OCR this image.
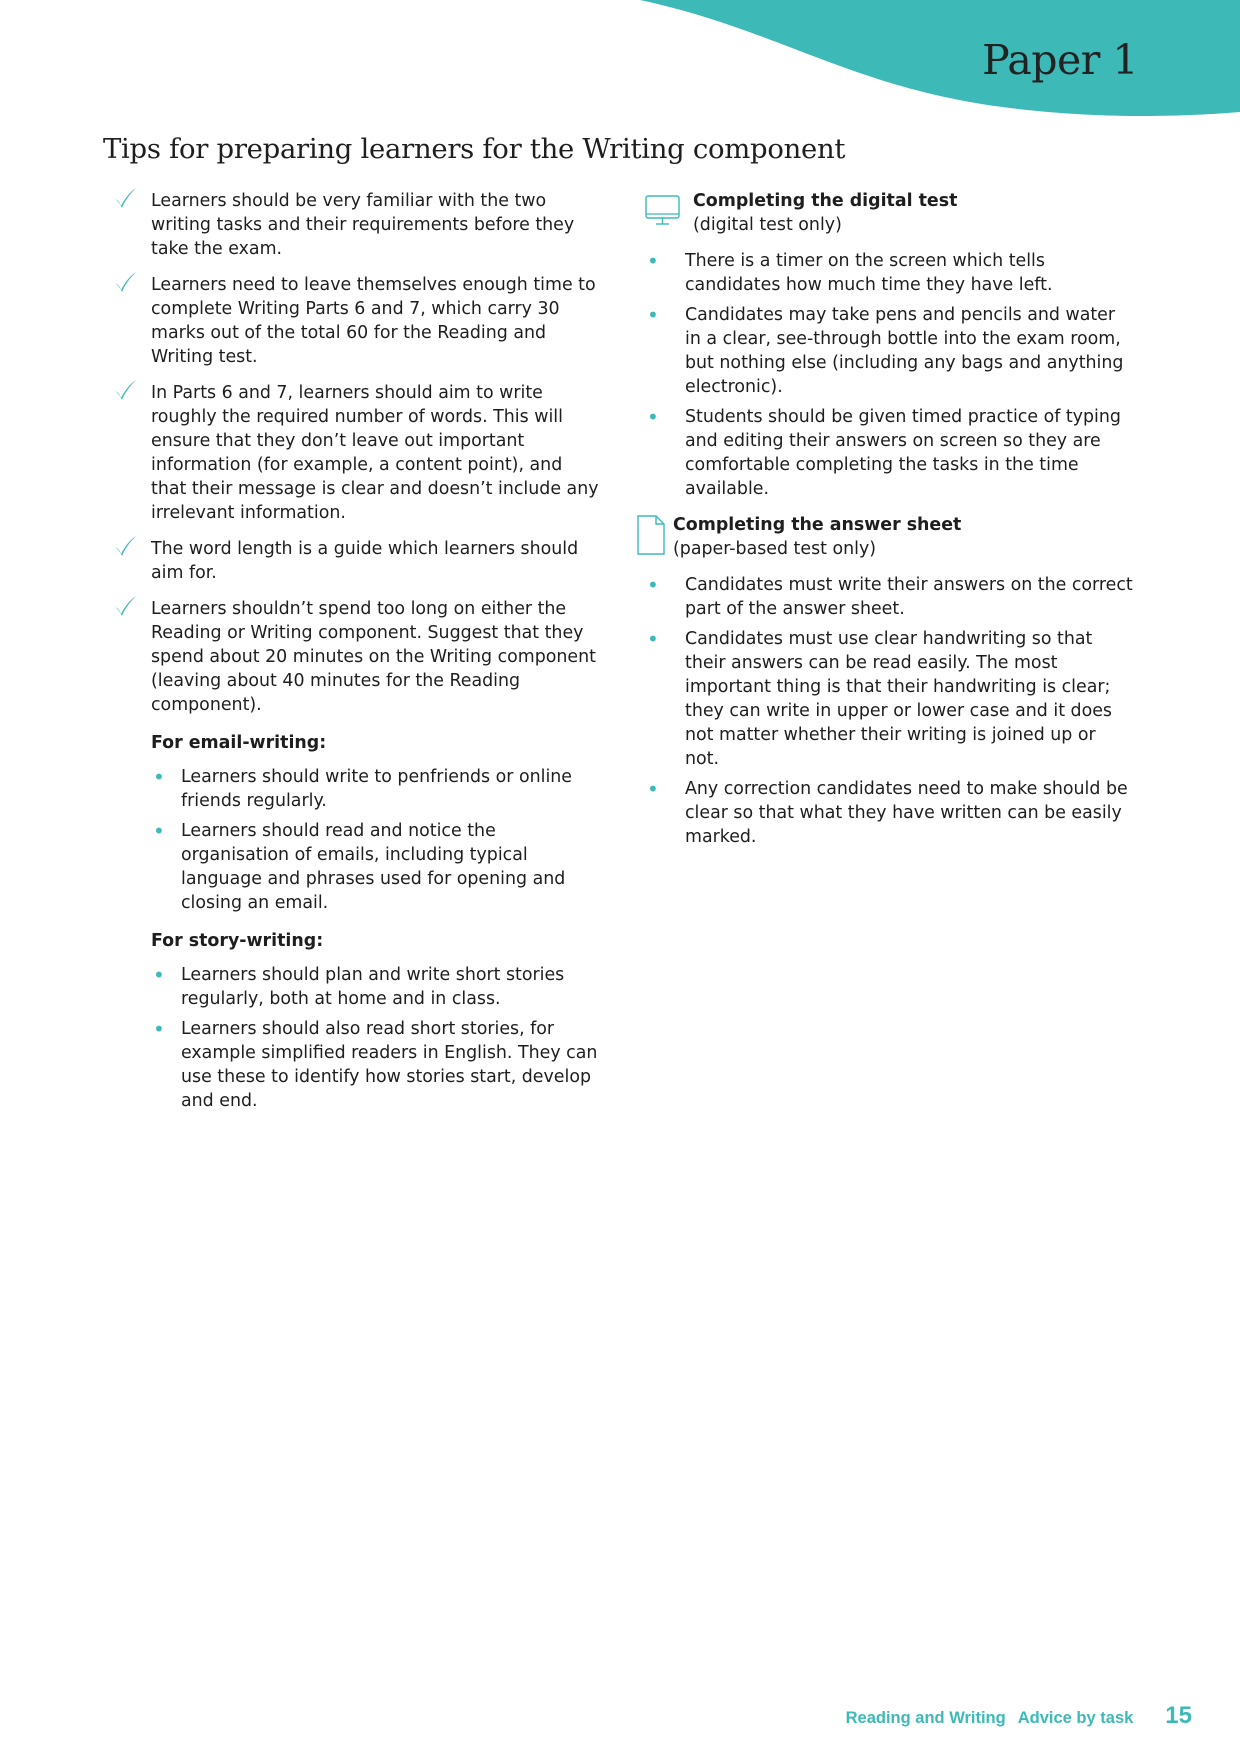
Paper 1
Tips for preparing learners for the Writing component
Learners should be very familiar with the two writing tasks and their requirements before they take the exam.
Learners need to leave themselves enough time to complete Writing Parts 6 and 7, which carry 30 marks out of the total 60 for the Reading and Writing test.
In Parts 6 and 7, learners should aim to write roughly the required number of words. This will ensure that they don’t leave out important information (for example, a content point), and that their message is clear and doesn’t include any irrelevant information.
The word length is a guide which learners should aim for.
Learners shouldn’t spend too long on either the Reading or Writing component. Suggest that they spend about 20 minutes on the Writing component (leaving about 40 minutes for the Reading component).
For email-writing:
• Learners should write to penfriends or online friends regularly.
• Learners should read and notice the organisation of emails, including typical language and phrases used for opening and closing an email.
For story-writing:
• Learners should plan and write short stories regularly, both at home and in class.
• Learners should also read short stories, for example simplified readers in English. They can use these to identify how stories start, develop and end.
Completing the digital test
(digital test only)
• There is a timer on the screen which tells candidates how much time they have left.
• Candidates may take pens and pencils and water in a clear, see-through bottle into the exam room, but nothing else (including any bags and anything electronic).
• Students should be given timed practice of typing and editing their answers on screen so they are comfortable completing the tasks in the time available.
Completing the answer sheet
(paper-based test only)
• Candidates must write their answers on the correct part of the answer sheet.
• Candidates must use clear handwriting so that their answers can be read easily. The most important thing is that their handwriting is clear; they can write in upper or lower case and it does not matter whether their writing is joined up or not.
• Any correction candidates need to make should be clear so that what they have written can be easily marked.
Reading and Writing Advice by task 15
